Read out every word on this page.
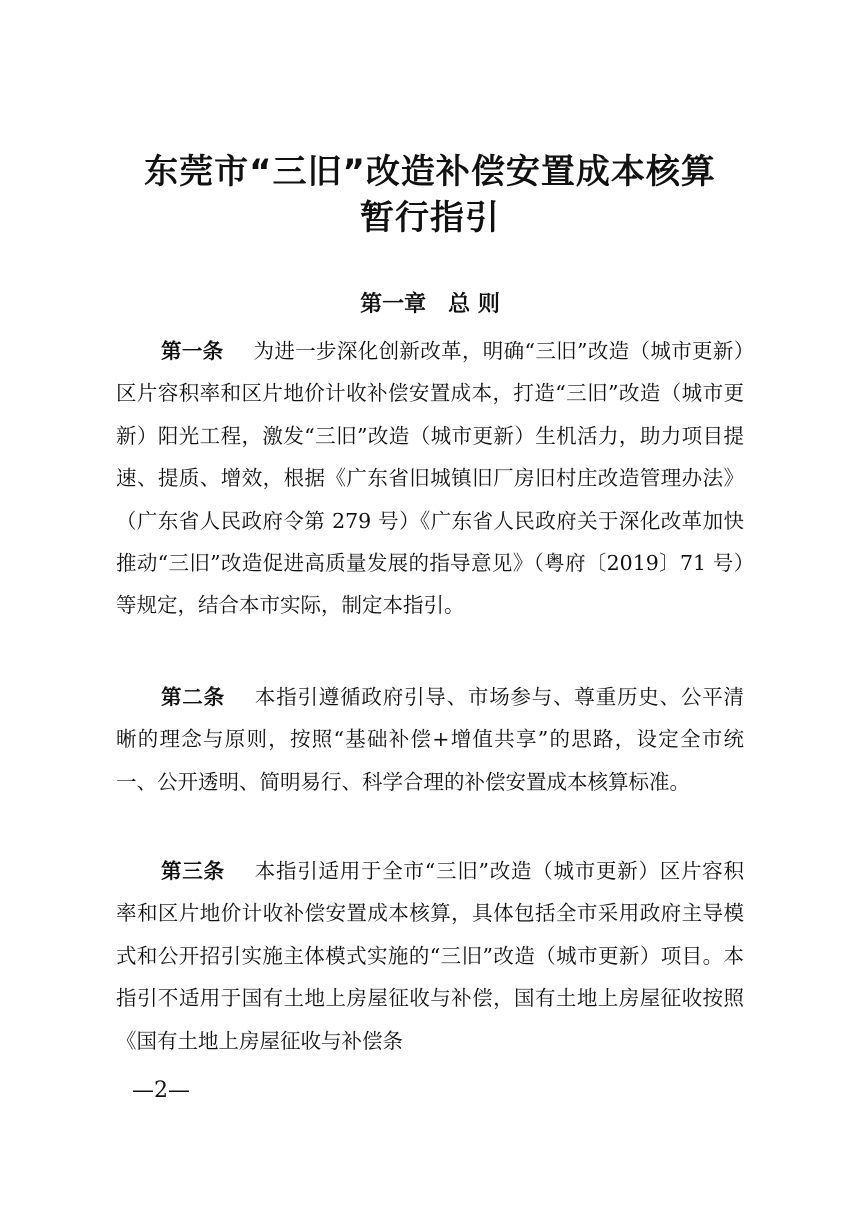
东莞市“三旧”改造补偿安置成本核算
暂行指引
第一章 总 则

第一条 为进一步深化创新改革，明确“三旧”改造（城市更新）区片容积率和区片地价计收补偿安置成本，打造“三旧”改造（城市更新）阳光工程，激发“三旧”改造（城市更新）生机活力，助力项目提速、提质、增效，根据《广东省旧城镇旧厂房旧村庄改造管理办法》（广东省人民政府令第 279 号）《广东省人民政府关于深化改革加快推动“三旧”改造促进高质量发展的指导意见》（粤府〔2019〕71 号）等规定，结合本市实际，制定本指引。

第二条 本指引遵循政府引导、市场参与、尊重历史、公平清晰的理念与原则，按照“基础补偿+增值共享”的思路，设定全市统一、公开透明、简明易行、科学合理的补偿安置成本核算标准。

第三条 本指引适用于全市“三旧”改造（城市更新）区片容积率和区片地价计收补偿安置成本核算，具体包括全市采用政府主导模式和公开招引实施主体模式实施的“三旧”改造（城市更新）项目。本指引不适用于国有土地上房屋征收与补偿，国有土地上房屋征收按照《国有土地上房屋征收与补偿条

—2—
